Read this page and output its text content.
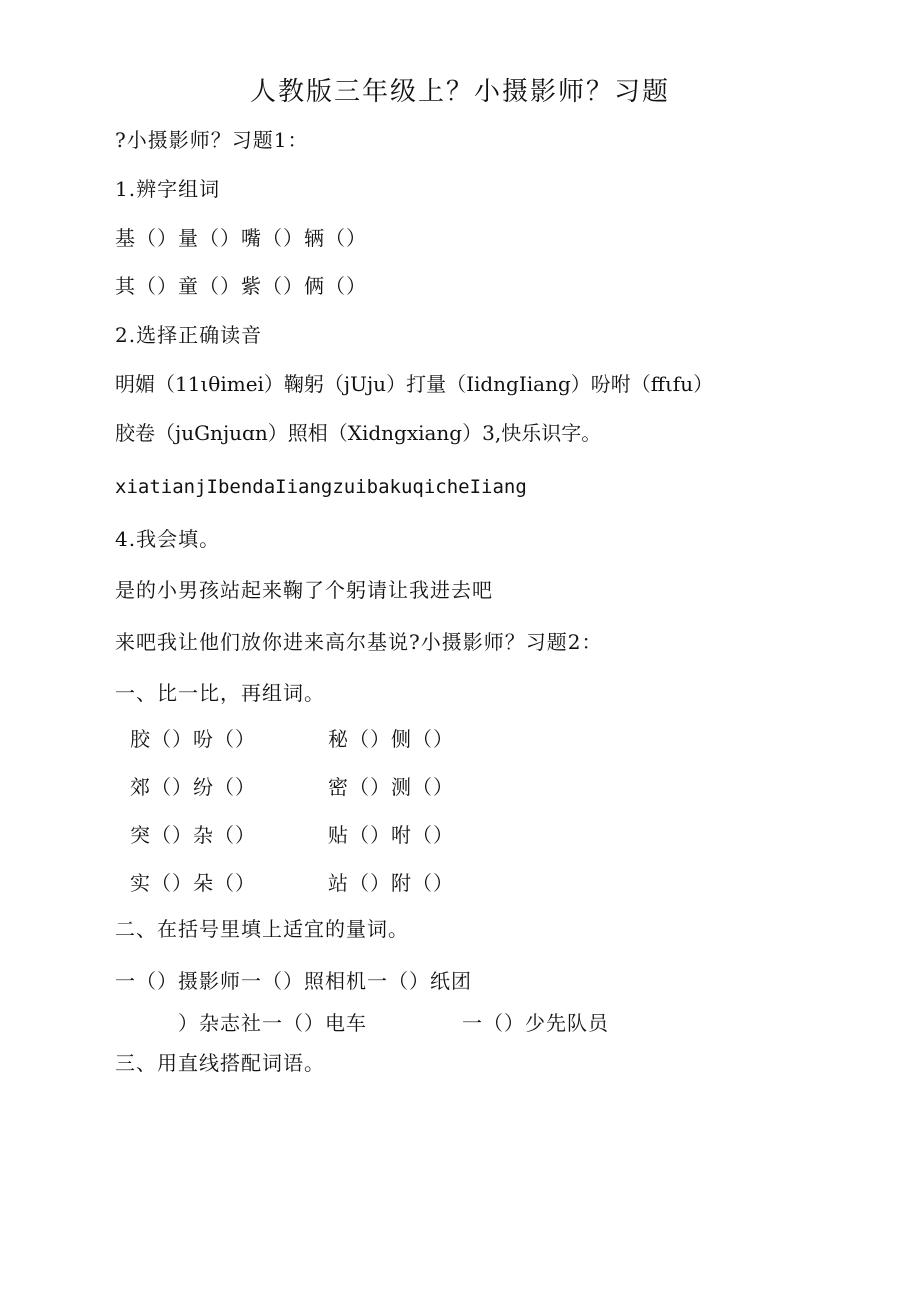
人教版三年级上？小摄影师？习题
?小摄影师？习题1：
1.辨字组词
基（）量（）嘴（）辆（）
其（）童（）紫（）俩（）
2.选择正确读音
明媚（11ιθimei）鞠躬（jUju）打量（IidngIiang）吩咐（ffιfu）
胶卷（juGnjuɑn）照相（Xidngxiang）3,快乐识字。
xiatianjIbendaIiangzuibakuqicheIiang
4.我会填。
是的小男孩站起来鞠了个躬请让我进去吧
来吧我让他们放你进来高尔基说?小摄影师？习题2：
一、比一比，再组词。
胶（）吩（）	秘（）侧（）
郊（）纷（）	密（）测（）
突（）杂（）	贴（）咐（）
实（）朵（）	站（）附（）
二、在括号里填上适宜的量词。
一（）摄影师一（）照相机一（）纸团
）杂志社一（）电车	一（）少先队员
三、用直线搭配词语。
